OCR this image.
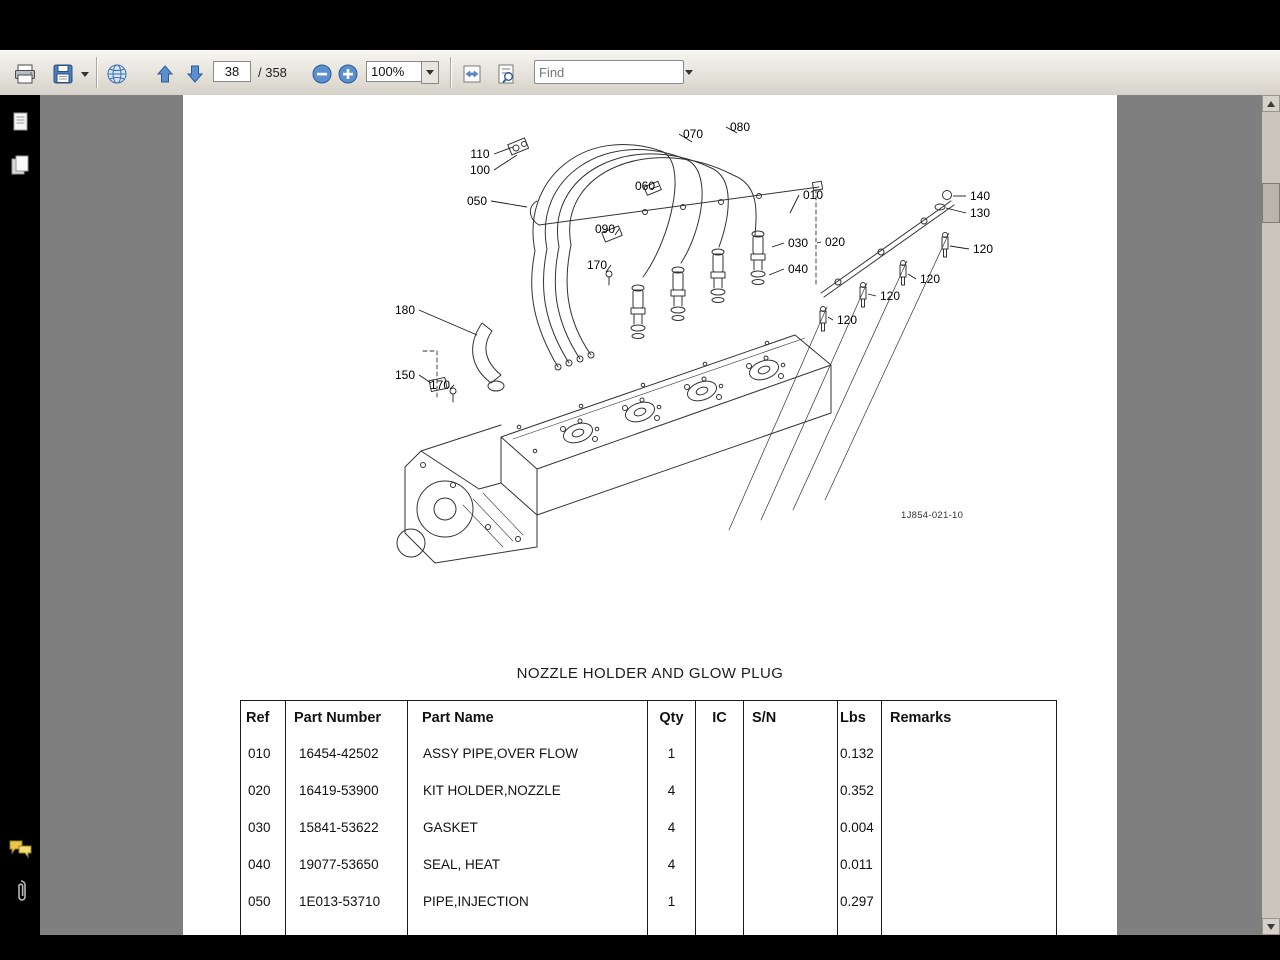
38
/ 358
100%
Find
110
100
050
090
170
180
150
170
060
070 080
010
030 020
040
140
130
120
120
120
120
1J854-021-10
NOZZLE HOLDER AND GLOW PLUG
Ref	Part Number	Part Name	Qty	IC	S/N	Lbs	Remarks
010	16454-42502	ASSY PIPE,OVER FLOW	1			0.132	
020	16419-53900	KIT HOLDER,NOZZLE	4			0.352	
030	15841-53622	GASKET	4			0.004	
040	19077-53650	SEAL, HEAT	4			0.011	
050	1E013-53710	PIPE,INJECTION	1			0.297	
